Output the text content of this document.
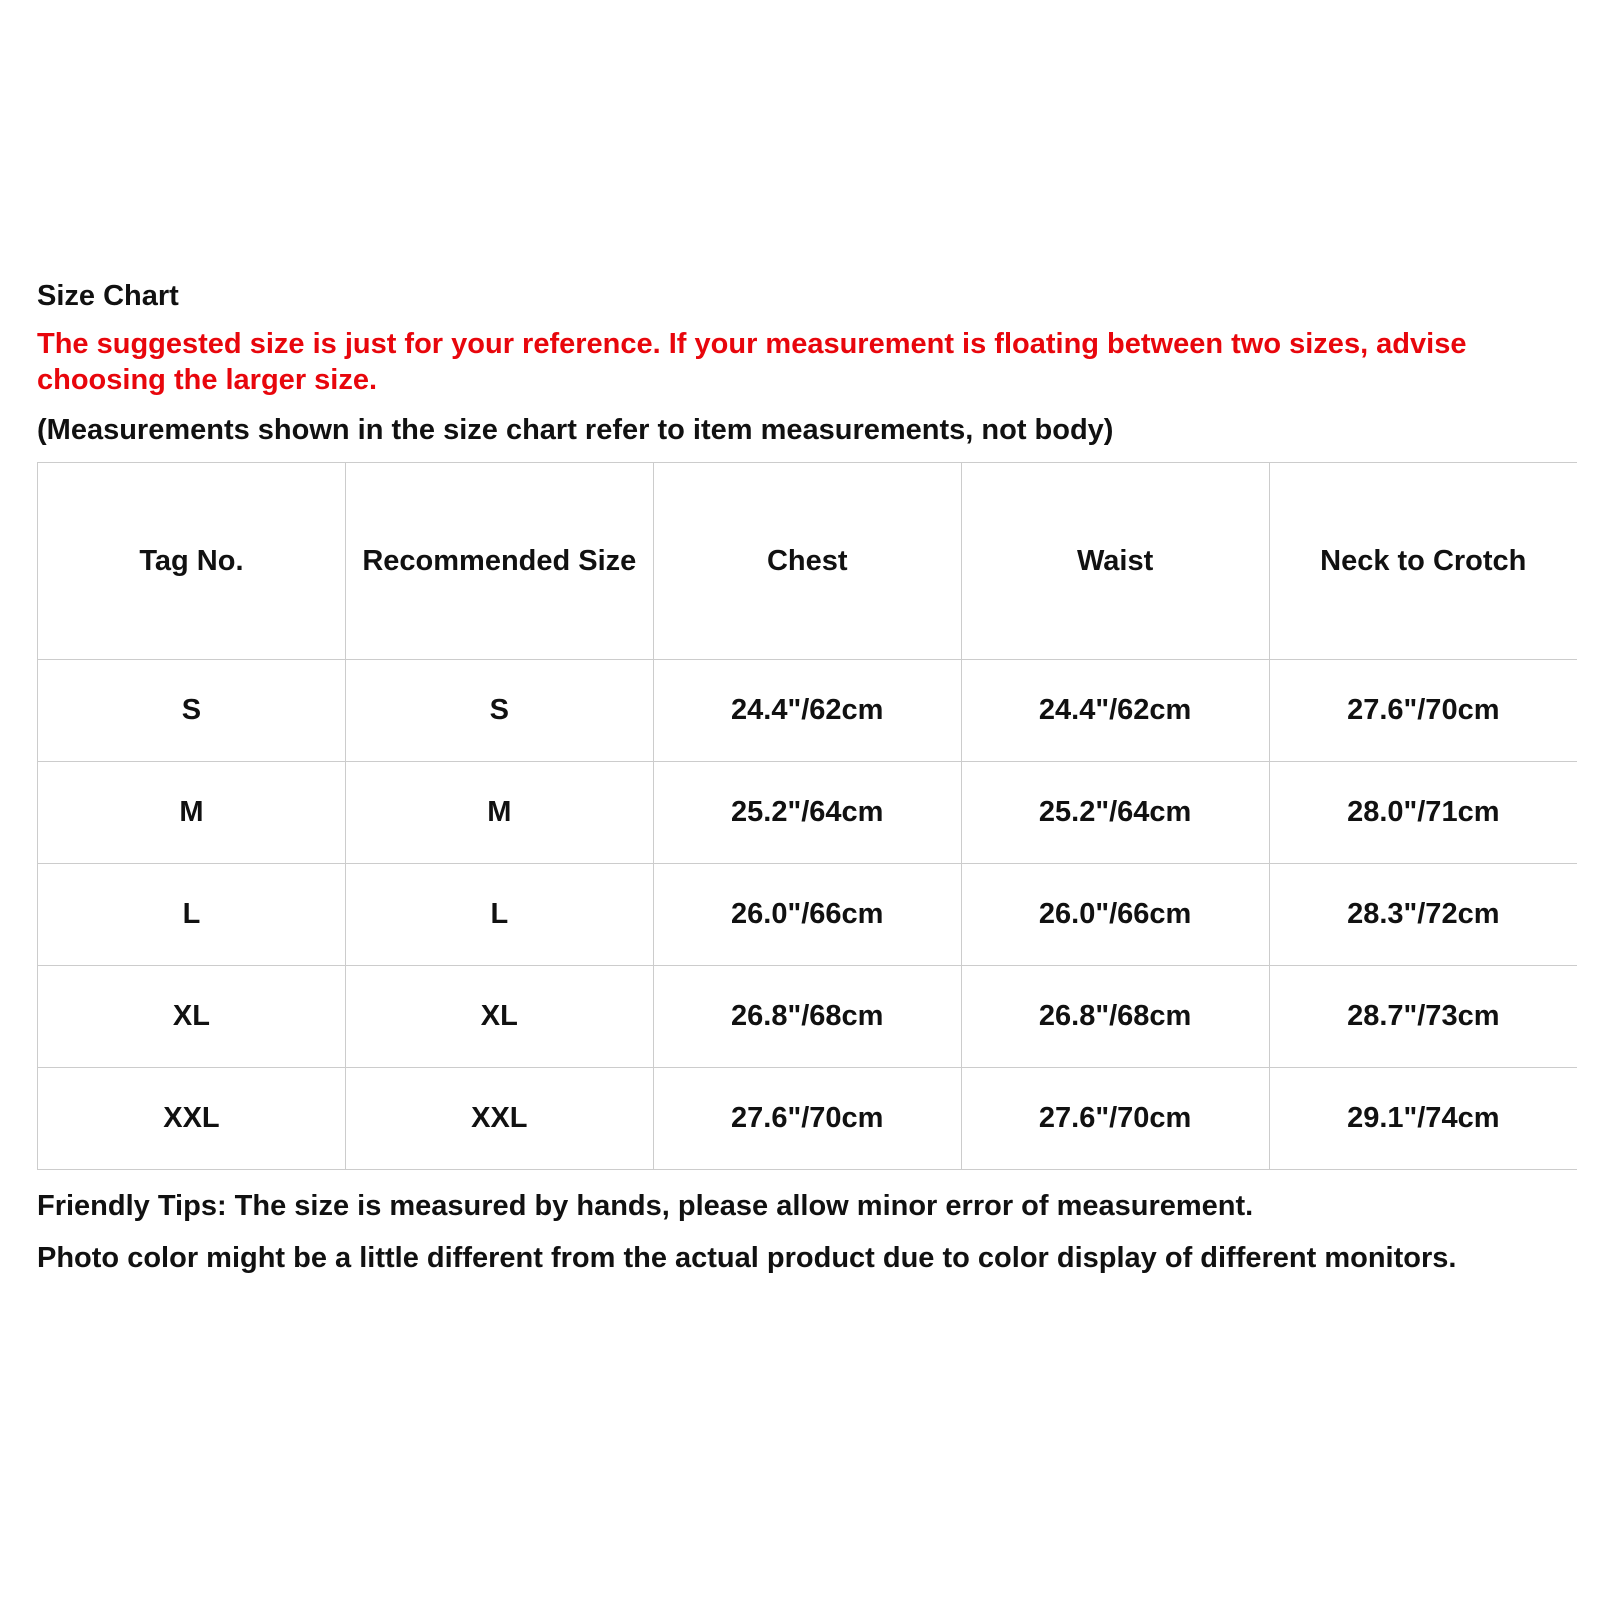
Size Chart
The suggested size is just for your reference. If your measurement is floating between two sizes, advise choosing the larger size.
(Measurements shown in the size chart refer to item measurements, not body)
Tag No.	Recommended Size	Chest	Waist	Neck to Crotch
S	S	24.4"/62cm	24.4"/62cm	27.6"/70cm
M	M	25.2"/64cm	25.2"/64cm	28.0"/71cm
L	L	26.0"/66cm	26.0"/66cm	28.3"/72cm
XL	XL	26.8"/68cm	26.8"/68cm	28.7"/73cm
XXL	XXL	27.6"/70cm	27.6"/70cm	29.1"/74cm
Friendly Tips: The size is measured by hands, please allow minor error of measurement.
Photo color might be a little different from the actual product due to color display of different monitors.
